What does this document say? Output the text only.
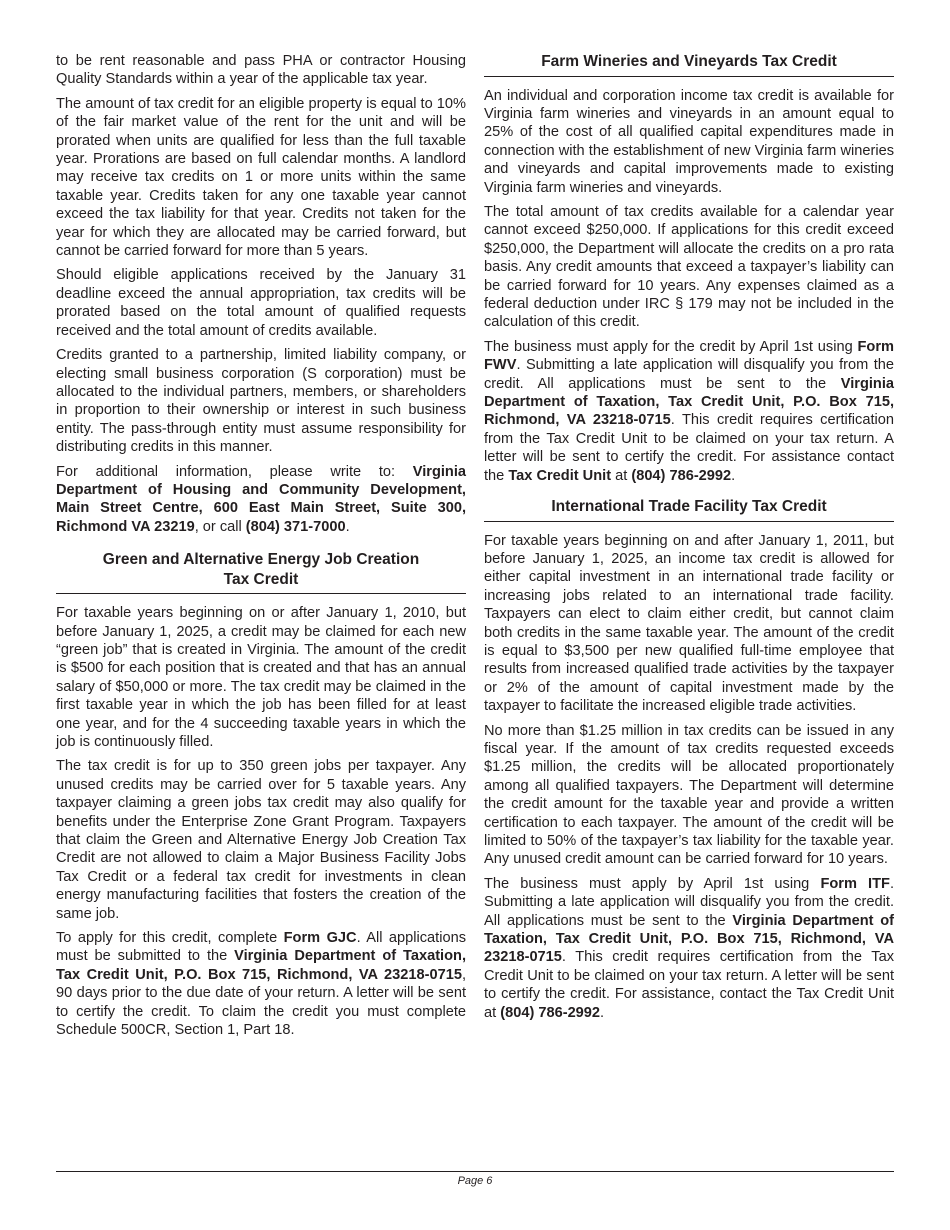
to be rent reasonable and pass PHA or contractor Housing Quality Standards within a year of the applicable tax year.

The amount of tax credit for an eligible property is equal to 10% of the fair market value of the rent for the unit and will be prorated when units are qualified for less than the full taxable year. Prorations are based on full calendar months. A landlord may receive tax credits on 1 or more units within the same taxable year. Credits taken for any one taxable year cannot exceed the tax liability for that year. Credits not taken for the year for which they are allocated may be carried forward, but cannot be carried forward for more than 5 years.

Should eligible applications received by the January 31 deadline exceed the annual appropriation, tax credits will be prorated based on the total amount of qualified requests received and the total amount of credits available.

Credits granted to a partnership, limited liability company, or electing small business corporation (S corporation) must be allocated to the individual partners, members, or shareholders in proportion to their ownership or interest in such business entity. The pass-through entity must assume responsibility for distributing credits in this manner.

For additional information, please write to: Virginia Department of Housing and Community Development, Main Street Centre, 600 East Main Street, Suite 300, Richmond VA 23219, or call (804) 371-7000.

Green and Alternative Energy Job Creation
Tax Credit

For taxable years beginning on or after January 1, 2010, but before January 1, 2025, a credit may be claimed for each new “green job” that is created in Virginia. The amount of the credit is $500 for each position that is created and that has an annual salary of $50,000 or more. The tax credit may be claimed in the first taxable year in which the job has been filled for at least one year, and for the 4 succeeding taxable years in which the job is continuously filled.

The tax credit is for up to 350 green jobs per taxpayer. Any unused credits may be carried over for 5 taxable years. Any taxpayer claiming a green jobs tax credit may also qualify for benefits under the Enterprise Zone Grant Program. Taxpayers that claim the Green and Alternative Energy Job Creation Tax Credit are not allowed to claim a Major Business Facility Jobs Tax Credit or a federal tax credit for investments in clean energy manufacturing facilities that fosters the creation of the same job.

To apply for this credit, complete Form GJC. All applications must be submitted to the Virginia Department of Taxation, Tax Credit Unit, P.O. Box 715, Richmond, VA 23218-0715, 90 days prior to the due date of your return. A letter will be sent to certify the credit. To claim the credit you must complete Schedule 500CR, Section 1, Part 18.

Farm Wineries and Vineyards Tax Credit

An individual and corporation income tax credit is available for Virginia farm wineries and vineyards in an amount equal to 25% of the cost of all qualified capital expenditures made in connection with the establishment of new Virginia farm wineries and vineyards and capital improvements made to existing Virginia farm wineries and vineyards.

The total amount of tax credits available for a calendar year cannot exceed $250,000. If applications for this credit exceed $250,000, the Department will allocate the credits on a pro rata basis. Any credit amounts that exceed a taxpayer’s liability can be carried forward for 10 years. Any expenses claimed as a federal deduction under IRC § 179 may not be included in the calculation of this credit.

The business must apply for the credit by April 1st using Form FWV. Submitting a late application will disqualify you from the credit. All applications must be sent to the Virginia Department of Taxation, Tax Credit Unit, P.O. Box 715, Richmond, VA 23218-0715. This credit requires certification from the Tax Credit Unit to be claimed on your tax return. A letter will be sent to certify the credit. For assistance contact the Tax Credit Unit at (804) 786-2992.

International Trade Facility Tax Credit

For taxable years beginning on and after January 1, 2011, but before January 1, 2025, an income tax credit is allowed for either capital investment in an international trade facility or increasing jobs related to an international trade facility. Taxpayers can elect to claim either credit, but cannot claim both credits in the same taxable year. The amount of the credit is equal to $3,500 per new qualified full-time employee that results from increased qualified trade activities by the taxpayer or 2% of the amount of capital investment made by the taxpayer to facilitate the increased eligible trade activities.

No more than $1.25 million in tax credits can be issued in any fiscal year. If the amount of tax credits requested exceeds $1.25 million, the credits will be allocated proportionately among all qualified taxpayers. The Department will determine the credit amount for the taxable year and provide a written certification to each taxpayer. The amount of the credit will be limited to 50% of the taxpayer’s tax liability for the taxable year. Any unused credit amount can be carried forward for 10 years.

The business must apply by April 1st using Form ITF. Submitting a late application will disqualify you from the credit. All applications must be sent to the Virginia Department of Taxation, Tax Credit Unit, P.O. Box 715, Richmond, VA 23218-0715. This credit requires certification from the Tax Credit Unit to be claimed on your tax return. A letter will be sent to certify the credit. For assistance, contact the Tax Credit Unit at (804) 786-2992.

Page 6
